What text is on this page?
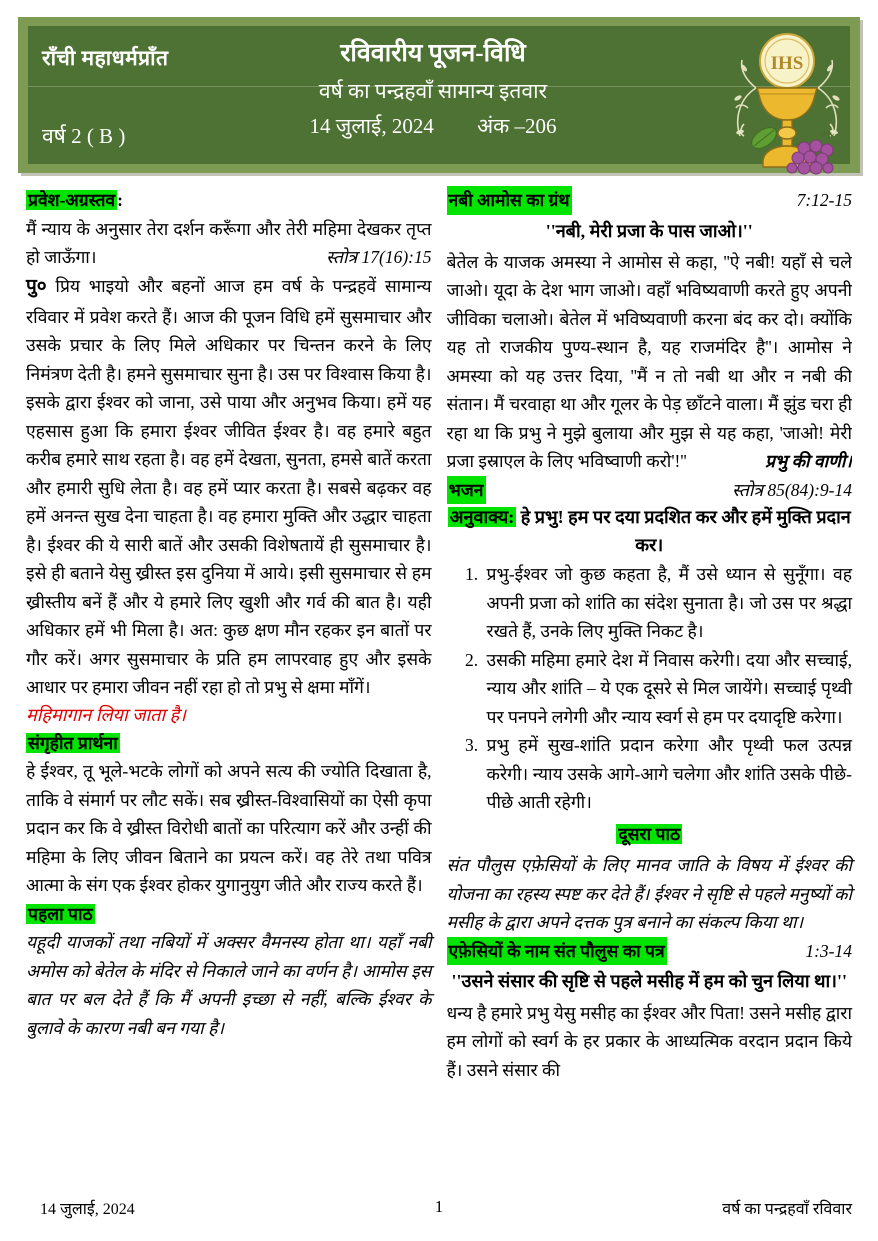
राँची महाधर्मप्राँत
वर्ष 2 ( B )
रविवारीय पूजन-विधि
वर्ष का पन्द्रहवाँ सामान्य इतवार
14 जुलाई, 2024 अंक –206
IHS
प्रवेश-अग्रस्तव :

मैं न्याय के अनुसार तेरा दर्शन करूँगा और तेरी महिमा देखकर तृप्त हो जाऊँगा।	स्तोत्र 17(16):15

पु० प्रिय भाइयो और बहनों आज हम वर्ष के पन्द्रहवें सामान्य रविवार में प्रवेश करते हैं। आज की पूजन विधि हमें सुसमाचार और उसके प्रचार के लिए मिले अधिकार पर चिन्तन करने के लिए निमंत्रण देती है। हमने सुसमाचार सुना है। उस पर विश्वास किया है। इसके द्वारा ईश्वर को जाना, उसे पाया और अनुभव किया। हमें यह एहसास हुआ कि हमारा ईश्वर जीवित ईश्वर है। वह हमारे बहुत करीब हमारे साथ रहता है। वह हमें देखता, सुनता, हमसे बातें करता और हमारी सुधि लेता है। वह हमें प्यार करता है। सबसे बढ़कर वह हमें अनन्त सुख देना चाहता है। वह हमारा मुक्ति और उद्धार चाहता है। ईश्वर की ये सारी बातें और उसकी विशेषतायें ही सुसमाचार है। इसे ही बताने येसु ख्रीस्त इस दुनिया में आये। इसी सुसमाचार से हम ख्रीस्तीय बनें हैं और ये हमारे लिए खुशी और गर्व की बात है। यही अधिकार हमें भी मिला है। अत: कुछ क्षण मौन रहकर इन बातों पर गौर करें। अगर सुसमाचार के प्रति हम लापरवाह हुए और इसके आधार पर हमारा जीवन नहीं रहा हो तो प्रभु से क्षमा माँगें।

महिमागान लिया जाता है।
संगृहीत प्रार्थना

हे ईश्वर, तू भूले-भटके लोगों को अपने सत्य की ज्योति दिखाता है, ताकि वे संमार्ग पर लौट सकें। सब ख्रीस्त-विश्वासियों का ऐसी कृपा प्रदान कर कि वे ख्रीस्त विरोधी बातों का परित्याग करें और उन्हीं की महिमा के लिए जीवन बिताने का प्रयत्न करें। वह तेरे तथा पवित्र आत्मा के संग एक ईश्वर होकर युगानुयुग जीते और राज्य करते हैं।

पहला पाठ

यहूदी याजकों तथा नबियों में अक्सर वैमनस्य होता था। यहाँ नबी अमोस को बेतेल के मंदिर से निकाले जाने का वर्णन है। आमोस इस बात पर बल देते हैं कि मैं अपनी इच्छा से नहीं, बल्कि ईश्वर के बुलावे के कारण नबी बन गया है।

नबी आमोस का ग्रंथ	7:12-15

''नबी, मेरी प्रजा के पास जाओ।''

बेतेल के याजक अमस्या ने आमोस से कहा, ''ऐ नबी! यहाँ से चले जाओ। यूदा के देश भाग जाओ। वहाँ भविष्यवाणी करते हुए अपनी जीविका चलाओ। बेतेल में भविष्यवाणी करना बंद कर दो। क्योंकि यह तो राजकीय पुण्य-स्थान है, यह राजमंदिर है''। आमोस ने अमस्या को यह उत्तर दिया, ''मैं न तो नबी था और न नबी की संतान। मैं चरवाहा था और गूलर के पेड़ छाँटने वाला। मैं झुंड चरा ही रहा था कि प्रभु ने मुझे बुलाया और मुझ से यह कहा, 'जाओ! मेरी प्रजा इस्राएल के लिए भविष्वाणी करो'!''	प्रभु की वाणी।

भजन	स्तोत्र 85(84):9-14

अनुवाक्य: हे प्रभु! हम पर दया प्रदशित कर और हमें मुक्ति प्रदान कर।

1. प्रभु-ईश्वर जो कुछ कहता है, मैं उसे ध्यान से सुनूँगा। वह अपनी प्रजा को शांति का संदेश सुनाता है। जो उस पर श्रद्धा रखते हैं, उनके लिए मुक्ति निकट है।
2. उसकी महिमा हमारे देश में निवास करेगी। दया और सच्चाई, न्याय और शांति – ये एक दूसरे से मिल जायेंगे। सच्चाई पृथ्वी पर पनपने लगेगी और न्याय स्वर्ग से हम पर दयादृष्टि करेगा।
3. प्रभु हमें सुख-शांति प्रदान करेगा और पृथ्वी फल उत्पन्न करेगी। न्याय उसके आगे-आगे चलेगा और शांति उसके पीछे-पीछे आती रहेगी।
दूसरा पाठ

संत पौलुस एफ़ेसियों के लिए मानव जाति के विषय में ईश्वर की योजना का रहस्य स्पष्ट कर देते हैं। ईश्वर ने सृष्टि से पहले मनुष्यों को मसीह के द्वारा अपने दत्तक पुत्र बनाने का संकल्प किया था।

एफ़ेसियों के नाम संत पौलुस का पत्र	1:3-14

''उसने संसार की सृष्टि से पहले मसीह में हम को चुन लिया था।''

धन्य है हमारे प्रभु येसु मसीह का ईश्वर और पिता! उसने मसीह द्वारा हम लोगों को स्वर्ग के हर प्रकार के आध्यत्मिक वरदान प्रदान किये हैं। उसने संसार की

14 जुलाई, 2024	1	वर्ष का पन्द्रहवाँ रविवार
